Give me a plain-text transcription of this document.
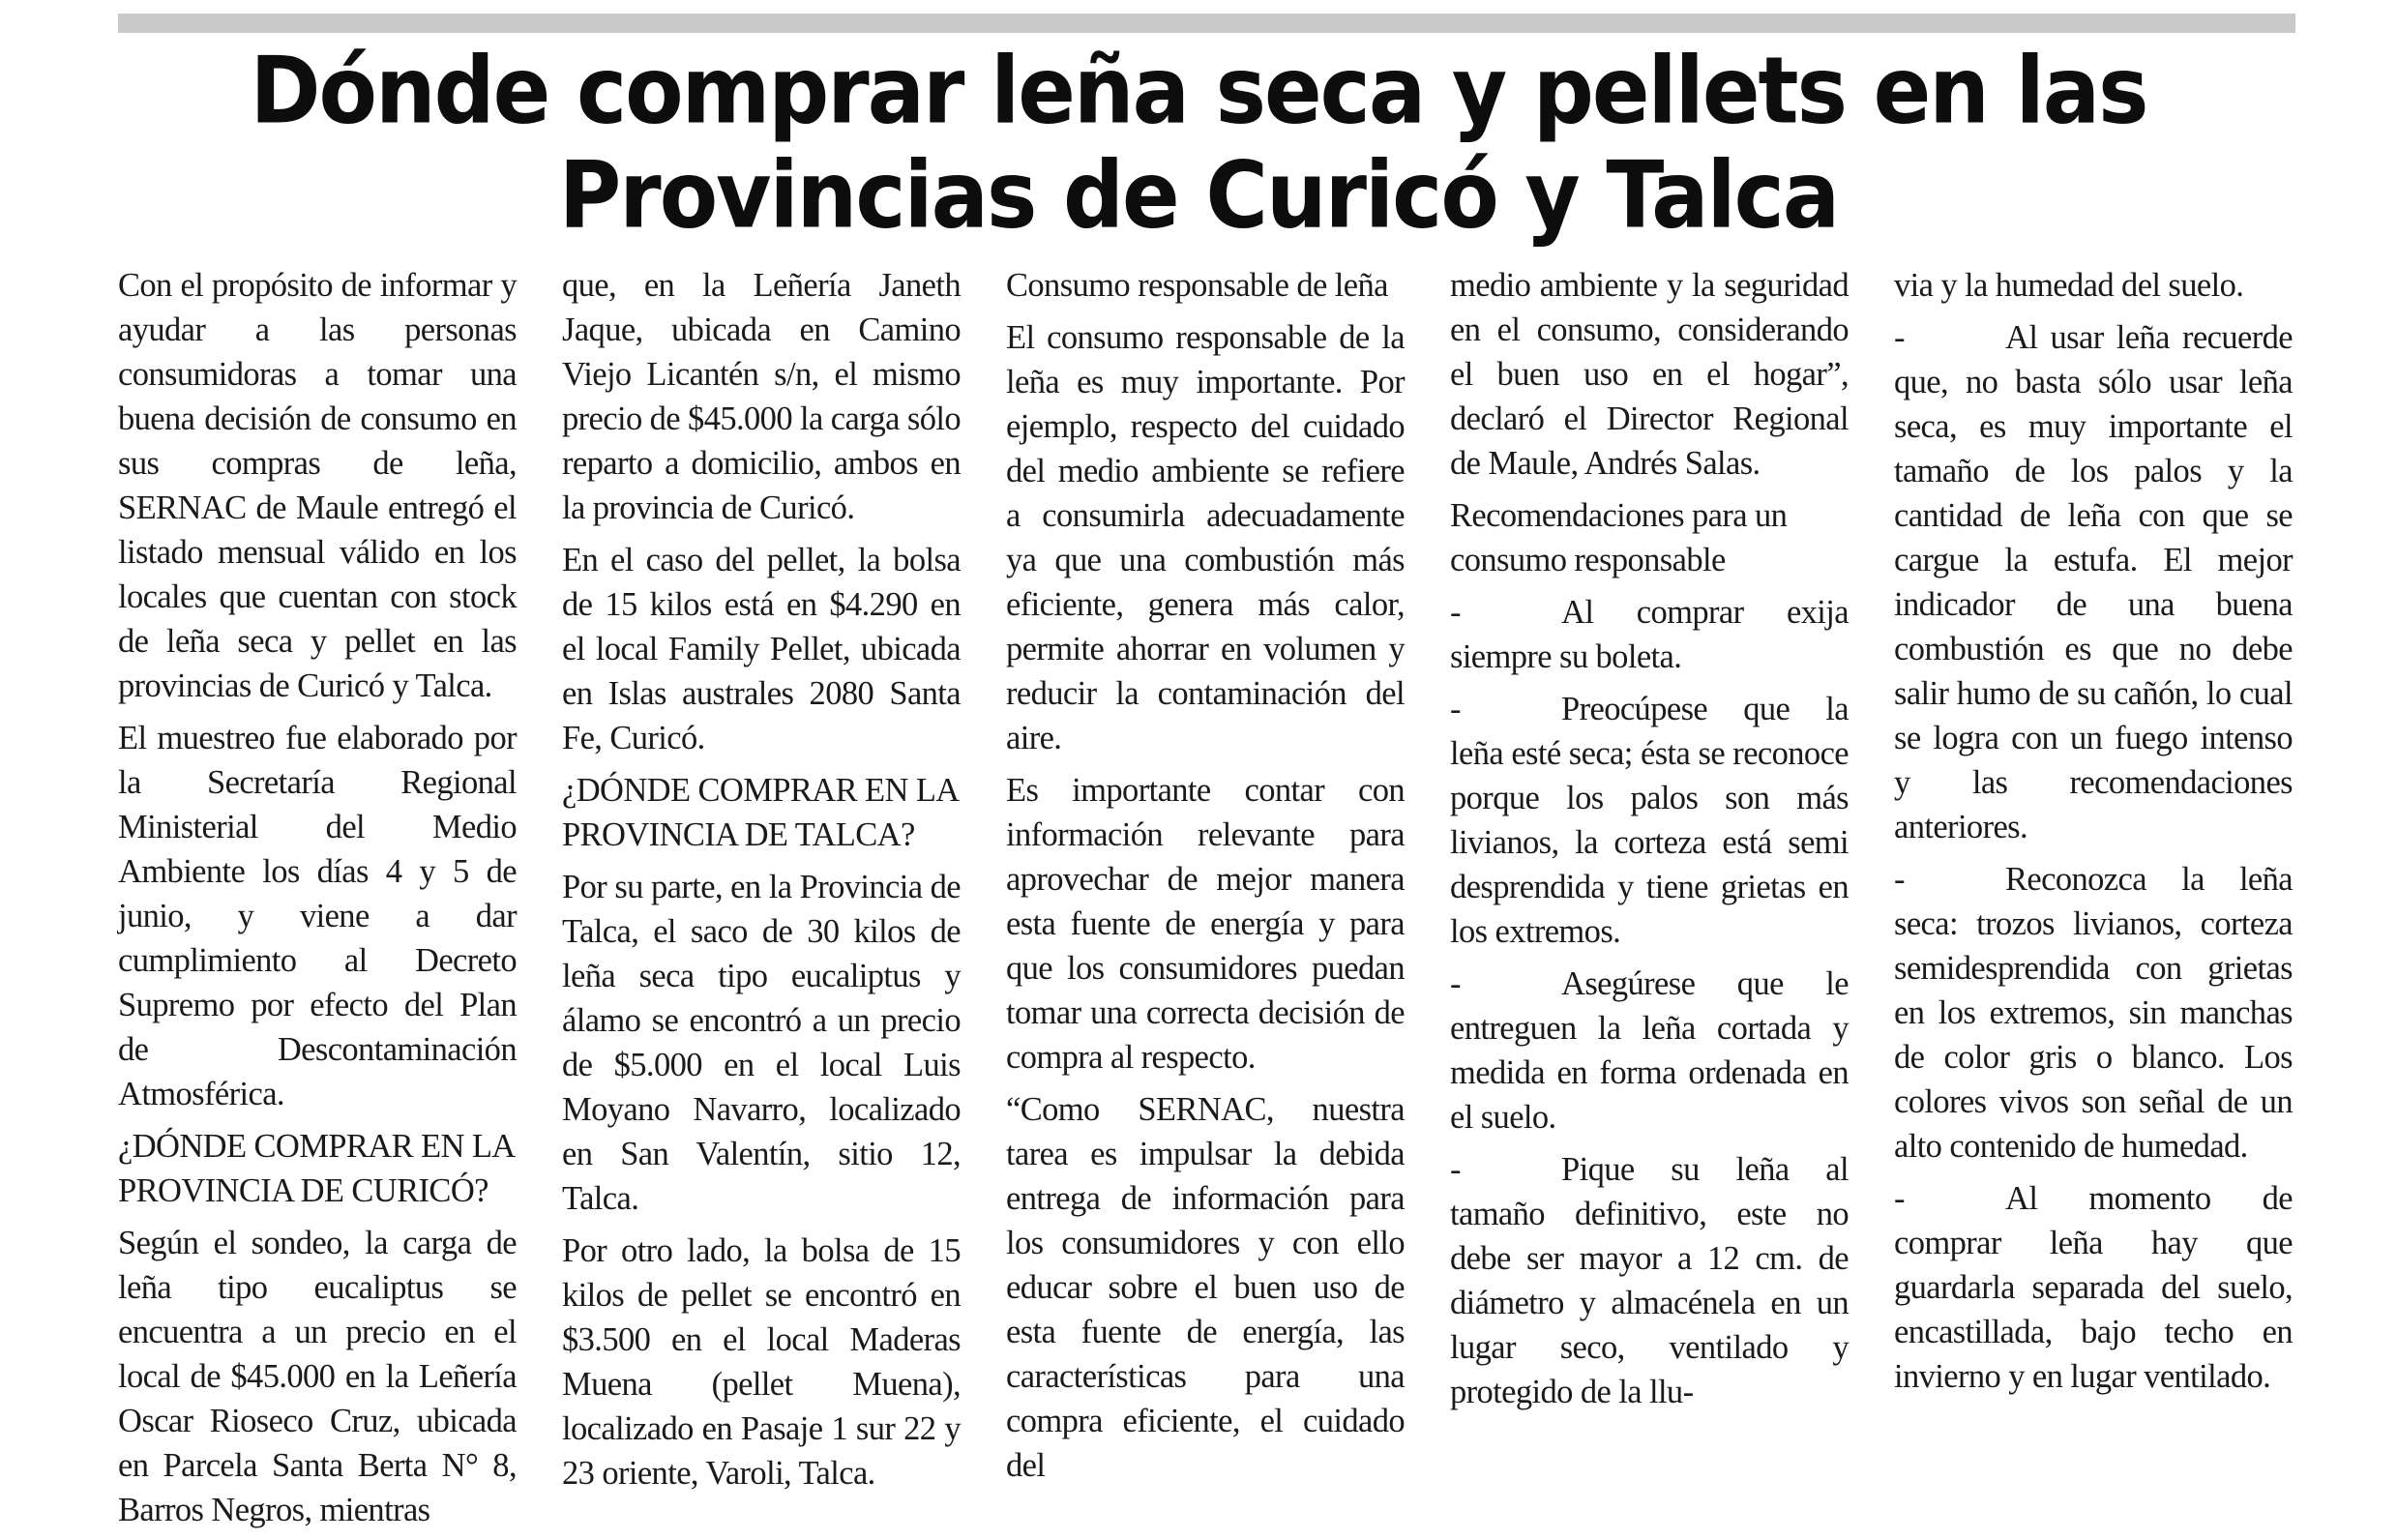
Dónde comprar leña seca y pellets en las
Provincias de Curicó y Talca

Con el propósito de informar y ayudar a las personas consumidoras a tomar una buena decisión de consumo en sus compras de leña, SERNAC de Maule entregó el listado mensual válido en los locales que cuentan con stock de leña seca y pellet en las provincias de Curicó y Talca.

El muestreo fue elaborado por la Secretaría Regional Ministerial del Medio Ambiente los días 4 y 5 de junio, y viene a dar cumplimiento al Decreto Supremo por efecto del Plan de Descontaminación Atmosférica.

¿DÓNDE COMPRAR EN LA PROVINCIA DE CURICÓ?

Según el sondeo, la carga de leña tipo eucaliptus se encuentra a un precio en el local de $45.000 en la Leñería Oscar Rioseco Cruz, ubicada en Parcela Santa Berta N° 8, Barros Negros, mientras

que, en la Leñería Janeth Jaque, ubicada en Camino Viejo Licantén s/n, el mismo precio de $45.000 la carga sólo reparto a domicilio, ambos en la provincia de Curicó.

En el caso del pellet, la bolsa de 15 kilos está en $4.290 en el local Family Pellet, ubicada en Islas australes 2080 Santa Fe, Curicó.

¿DÓNDE COMPRAR EN LA PROVINCIA DE TALCA?

Por su parte, en la Provincia de Talca, el saco de 30 kilos de leña seca tipo eucaliptus y álamo se encontró a un precio de $5.000 en el local Luis Moyano Navarro, localizado en San Valentín, sitio 12, Talca.

Por otro lado, la bolsa de 15 kilos de pellet se encontró en $3.500 en el local Maderas Muena (pellet Muena), localizado en Pasaje 1 sur 22 y 23 oriente, Varoli, Talca.

Consumo responsable de leña

El consumo responsable de la leña es muy importante. Por ejemplo, respecto del cuidado del medio ambiente se refiere a consumirla adecuadamente ya que una combustión más eficiente, genera más calor, permite ahorrar en volumen y reducir la contaminación del aire.

Es importante contar con información relevante para aprovechar de mejor manera esta fuente de energía y para que los consumidores puedan tomar una correcta decisión de compra al respecto.

“Como SERNAC, nuestra tarea es impulsar la debida entrega de información para los consumidores y con ello educar sobre el buen uso de esta fuente de energía, las características para una compra eficiente, el cuidado del

medio ambiente y la seguridad en el consumo, considerando el buen uso en el hogar”, declaró el Director Regional de Maule, Andrés Salas.

Recomendaciones para un consumo responsable

- Al comprar exija siempre su boleta.

- Preocúpese que la leña esté seca; ésta se reconoce porque los palos son más livianos, la corteza está semi desprendida y tiene grietas en los extremos.

- Asegúrese que le entreguen la leña cortada y medida en forma ordenada en el suelo.

- Pique su leña al tamaño definitivo, este no debe ser mayor a 12 cm. de diámetro y almacénela en un lugar seco, ventilado y protegido de la llu-

via y la humedad del suelo.

- Al usar leña recuerde que, no basta sólo usar leña seca, es muy importante el tamaño de los palos y la cantidad de leña con que se cargue la estufa. El mejor indicador de una buena combustión es que no debe salir humo de su cañón, lo cual se logra con un fuego intenso y las recomendaciones anteriores.

- Reconozca la leña seca: trozos livianos, corteza semidesprendida con grietas en los extremos, sin manchas de color gris o blanco. Los colores vivos son señal de un alto contenido de humedad.

- Al momento de comprar leña hay que guardarla separada del suelo, encastillada, bajo techo en invierno y en lugar ventilado.
